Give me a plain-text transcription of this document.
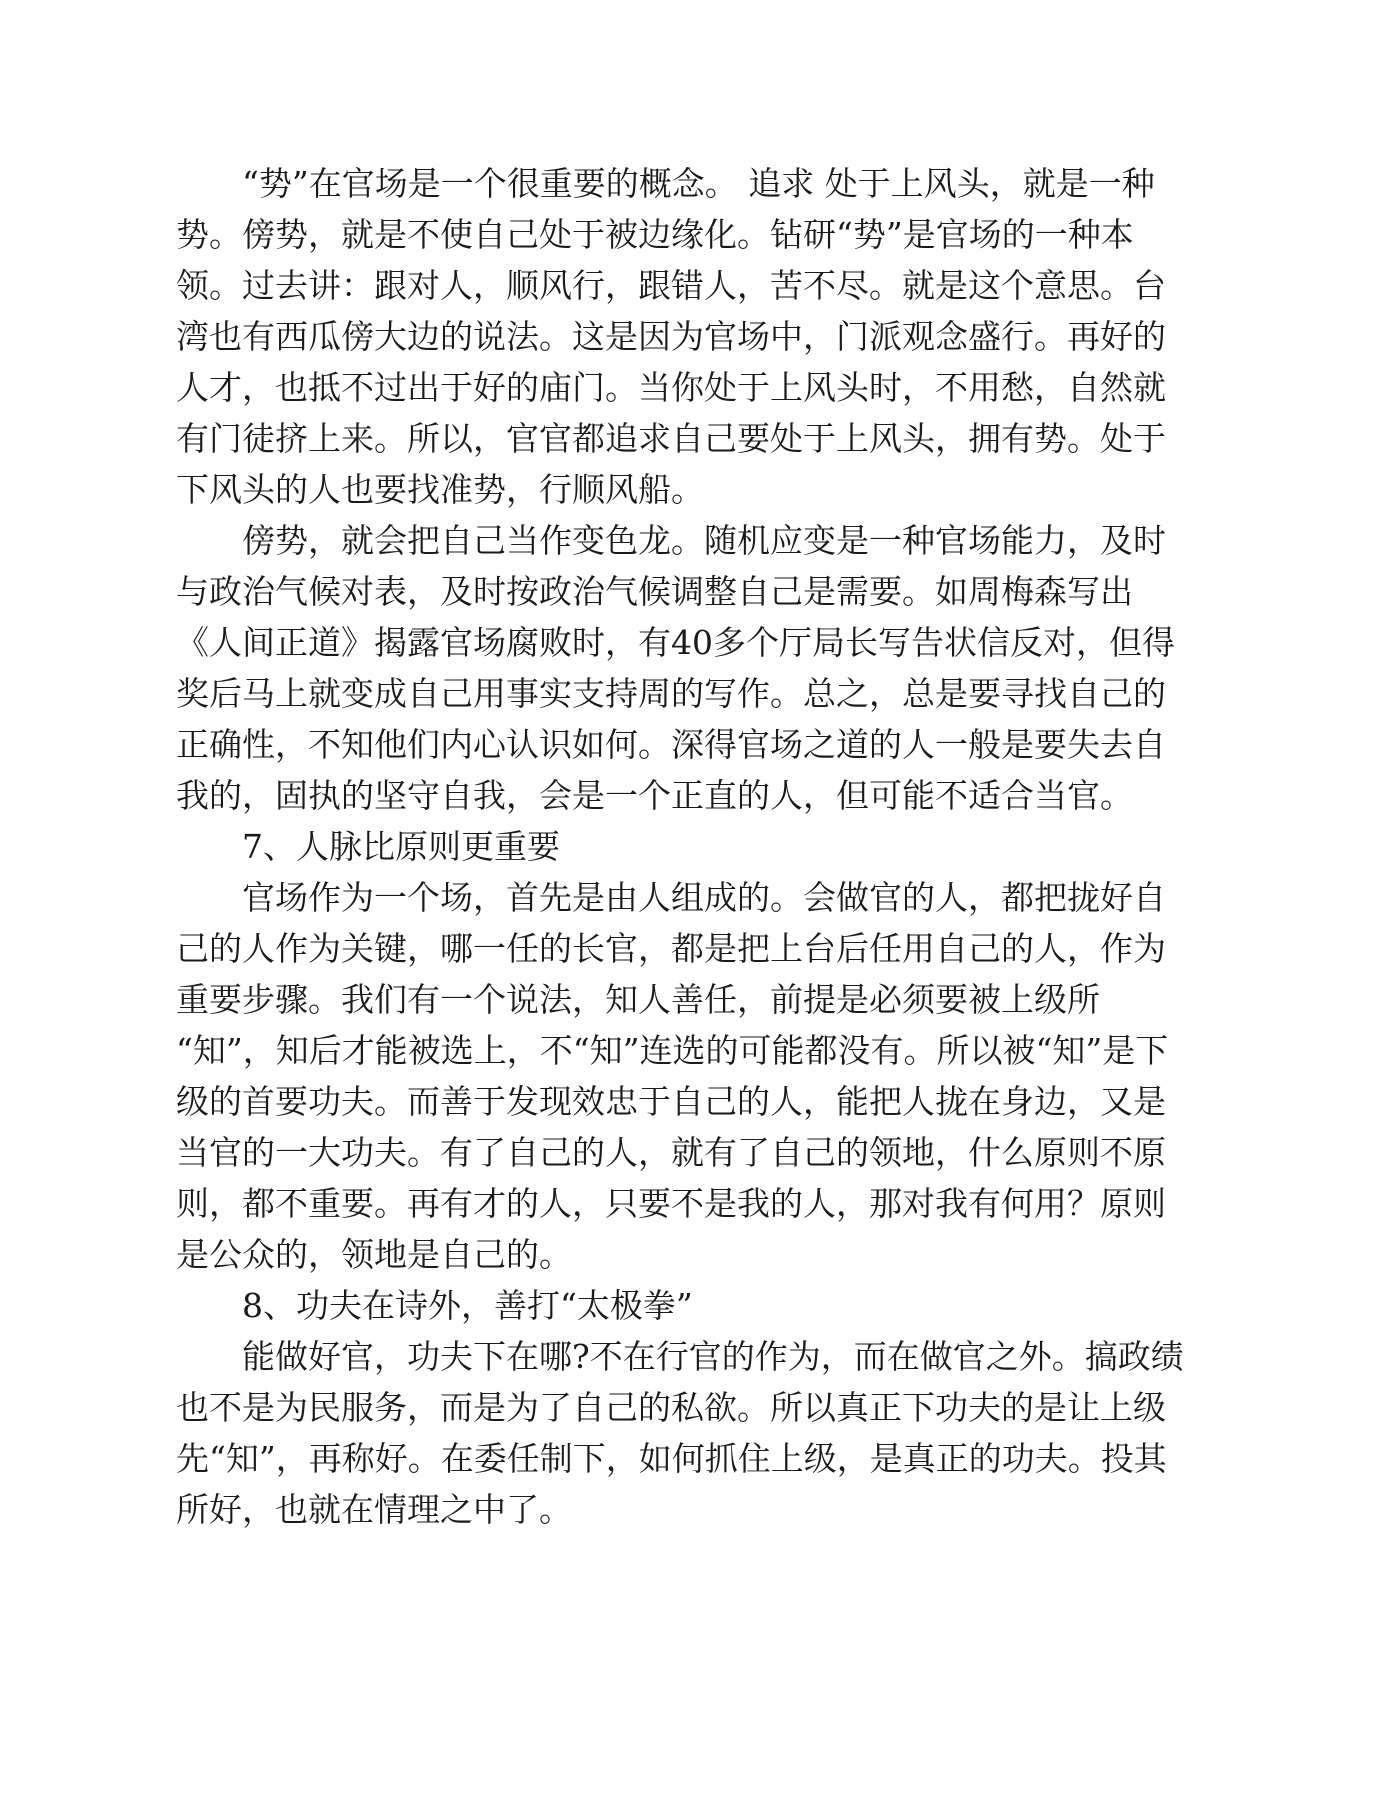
“势”在官场是一个很重要的概念。 追求 处于上风头，就是一种
势。傍势，就是不使自己处于被边缘化。钻研“势”是官场的一种本
领。过去讲：跟对人，顺风行，跟错人，苦不尽。就是这个意思。台
湾也有西瓜傍大边的说法。这是因为官场中，门派观念盛行。再好的
人才，也抵不过出于好的庙门。当你处于上风头时，不用愁，自然就
有门徒挤上来。所以，官官都追求自己要处于上风头，拥有势。处于
下风头的人也要找准势，行顺风船。
傍势，就会把自己当作变色龙。随机应变是一种官场能力，及时
与政治气候对表，及时按政治气候调整自己是需要。如周梅森写出
《人间正道》揭露官场腐败时，有40多个厅局长写告状信反对，但得
奖后马上就变成自己用事实支持周的写作。总之，总是要寻找自己的
正确性，不知他们内心认识如何。深得官场之道的人一般是要失去自
我的，固执的坚守自我，会是一个正直的人，但可能不适合当官。
7、人脉比原则更重要
官场作为一个场，首先是由人组成的。会做官的人，都把拢好自
己的人作为关键，哪一任的长官，都是把上台后任用自己的人，作为
重要步骤。我们有一个说法，知人善任，前提是必须要被上级所
“知”，知后才能被选上，不“知”连选的可能都没有。所以被“知”是下
级的首要功夫。而善于发现效忠于自己的人，能把人拢在身边，又是
当官的一大功夫。有了自己的人，就有了自己的领地，什么原则不原
则，都不重要。再有才的人，只要不是我的人，那对我有何用？原则
是公众的，领地是自己的。
8、功夫在诗外，善打“太极拳”
能做好官，功夫下在哪?不在行官的作为，而在做官之外。搞政绩
也不是为民服务，而是为了自己的私欲。所以真正下功夫的是让上级
先“知”，再称好。在委任制下，如何抓住上级，是真正的功夫。投其
所好，也就在情理之中了。
